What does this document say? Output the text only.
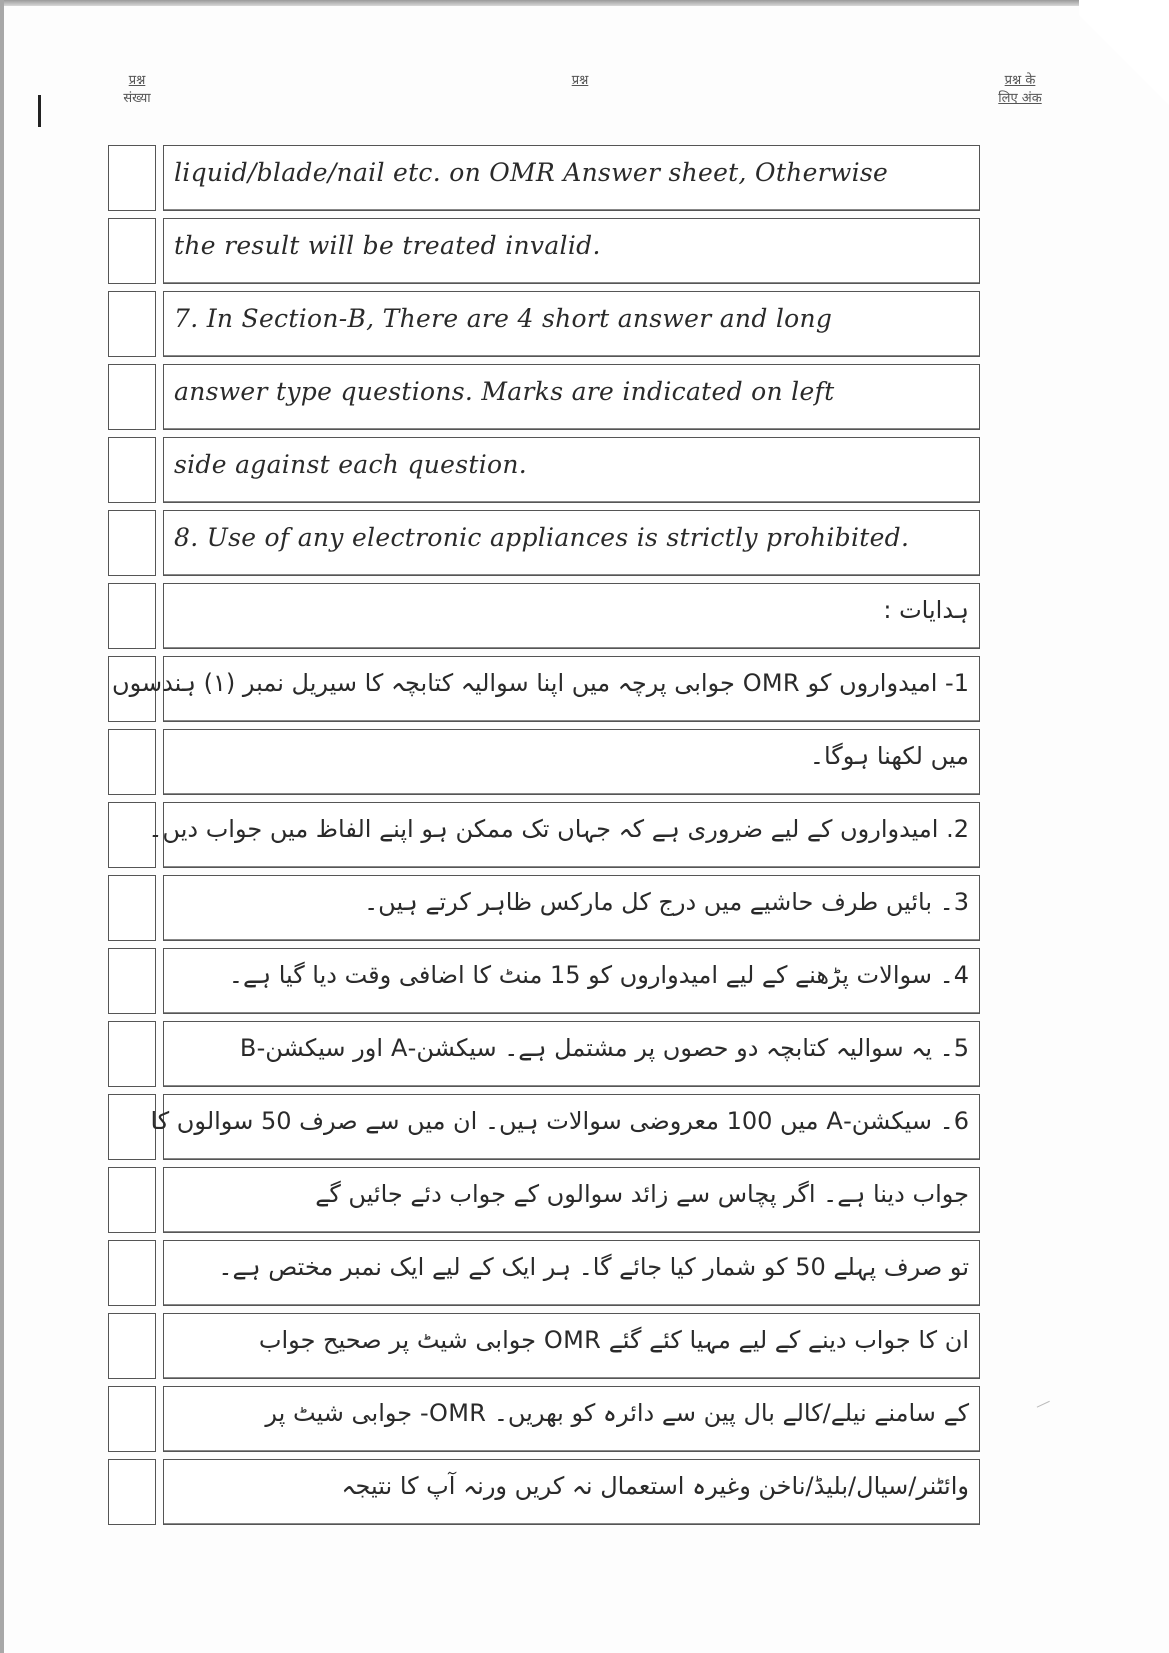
प्रश्न
संख्या
प्रश्न	प्रश्न के
लिए अंक
liquid/blade/nail etc. on OMR Answer sheet, Otherwise
the result will be treated invalid.
7. In Section-B, There are 4 short answer and long
answer type questions. Marks are indicated on left
side against each question.
8. Use of any electronic appliances is strictly prohibited.
ہدایات :
1- امیدواروں کو OMR جوابی پرچہ میں اپنا سوالیہ کتابچہ کا سیریل نمبر (۱) ہندسوں
میں لکھنا ہوگا۔
2. امیدواروں کے لیے ضروری ہے کہ جہاں تک ممکن ہو اپنے الفاظ میں جواب دیں۔
3۔ بائیں طرف حاشیے میں درج کل مارکس ظاہر کرتے ہیں۔
4۔ سوالات پڑھنے کے لیے امیدواروں کو 15 منٹ کا اضافی وقت دیا گیا ہے۔
5۔ یہ سوالیہ کتابچہ دو حصوں پر مشتمل ہے۔ سیکشن-A اور سیکشن-B
6۔ سیکشن-A میں 100 معروضی سوالات ہیں۔ ان میں سے صرف 50 سوالوں کا
جواب دینا ہے۔ اگر پچاس سے زائد سوالوں کے جواب دئے جائیں گے
تو صرف پہلے 50 کو شمار کیا جائے گا۔ ہر ایک کے لیے ایک نمبر مختص ہے۔
ان کا جواب دینے کے لیے مہیا کئے گئے OMR جوابی شیٹ پر صحیح جواب
کے سامنے نیلے/کالے بال پین سے دائرہ کو بھریں۔ OMR- جوابی شیٹ پر
وائٹنر/سیال/بلیڈ/ناخن وغیرہ استعمال نہ کریں ورنہ آپ کا نتیجہ
